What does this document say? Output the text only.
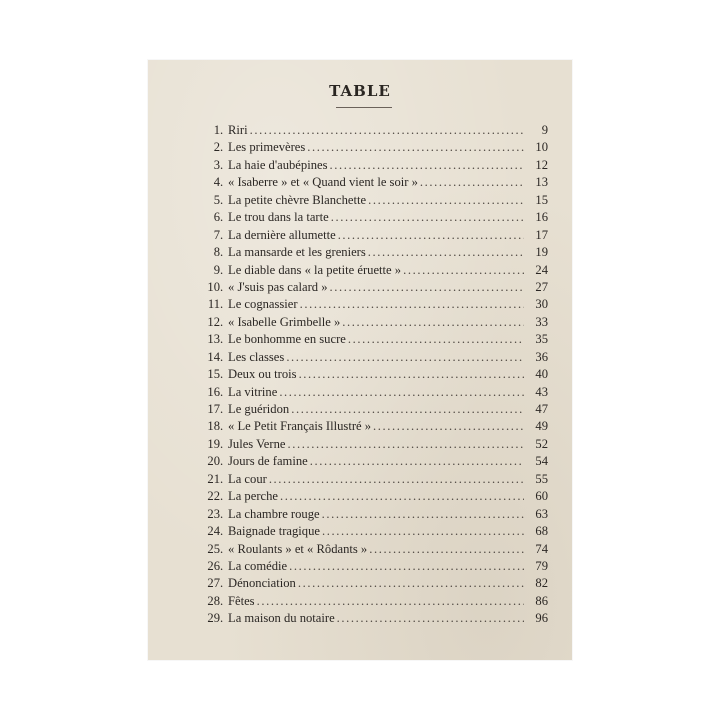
TABLE
1 . Riri .....	9
2 . Les primevères .....	10
3 . La haie d'aubépines .....	12
4 . « Isaberre » et « Quand vient le soir » .....	13
5 . La petite chèvre Blanchette .....	15
6 . Le trou dans la tarte .....	16
7 . La dernière allumette .....	17
8 . La mansarde et les greniers .....	19
9 . Le diable dans « la petite éruette » .....	24
10 . « J'suis pas calard » .....	27
11 . Le cognassier .....	30
12 . « Isabelle Grimbelle » .....	33
13 . Le bonhomme en sucre .....	35
14 . Les classes .....	36
15 . Deux ou trois .....	40
16 . La vitrine .....	43
17 . Le guéridon .....	47
18 . « Le Petit Français Illustré » .....	49
19 . Jules Verne .....	52
20 . Jours de famine .....	54
21 . La cour .....	55
22 . La perche .....	60
23 . La chambre rouge .....	63
24 . Baignade tragique .....	68
25 . « Roulants » et « Rôdants » .....	74
26 . La comédie .....	79
27 . Dénonciation .....	82
28 . Fêtes .....	86
29 . La maison du notaire .....	96
